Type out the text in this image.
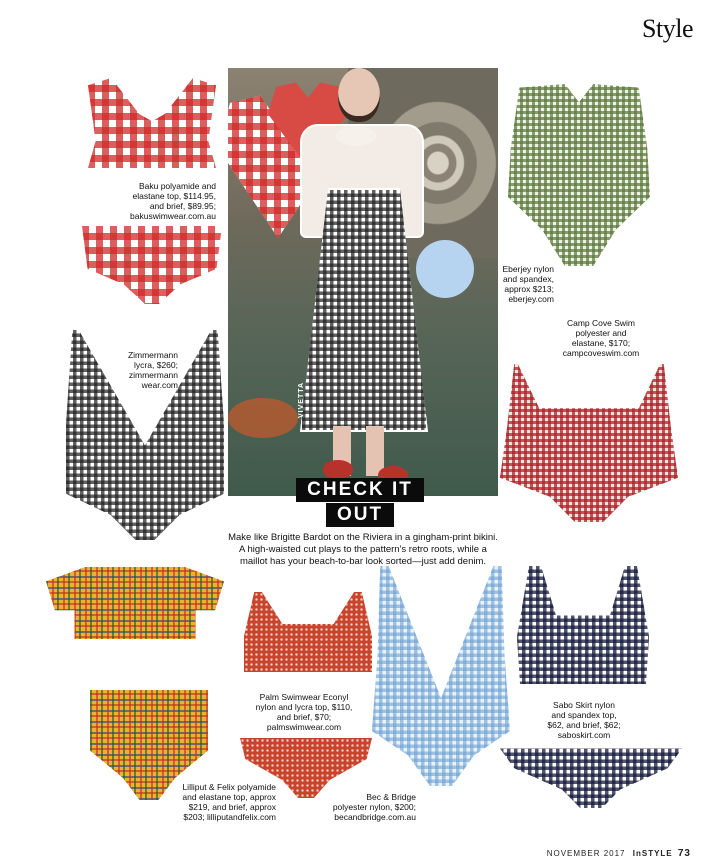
Style
VIVETTA
CHECK IT
OUT
Make like Brigitte Bardot on the Riviera in a gingham-print bikini.
A high-waisted cut plays to the pattern's retro roots, while a
maillot has your beach-to-bar look sorted—just add denim.
Baku polyamide and
elastane top, $114.95,
and brief, $89.95;
bakuswimwear.com.au
Zimmermann
lycra, $260;
zimmermann
wear.com
Eberjey nylon
and spandex,
approx $213;
eberjey.com
Camp Cove Swim
polyester and
elastane, $170;
campcoveswim.com
Lilliput & Felix polyamide
and elastane top, approx
$219, and brief, approx
$203; lilliputandfelix.com
Palm Swimwear Econyl
nylon and lycra top, $110,
and brief, $70;
palmswimwear.com
Bec & Bridge
polyester nylon, $200;
becandbridge.com.au
Sabo Skirt nylon
and spandex top,
$62, and brief, $62;
saboskirt.com
NOVEMBER 2017 InSTYLE 73
